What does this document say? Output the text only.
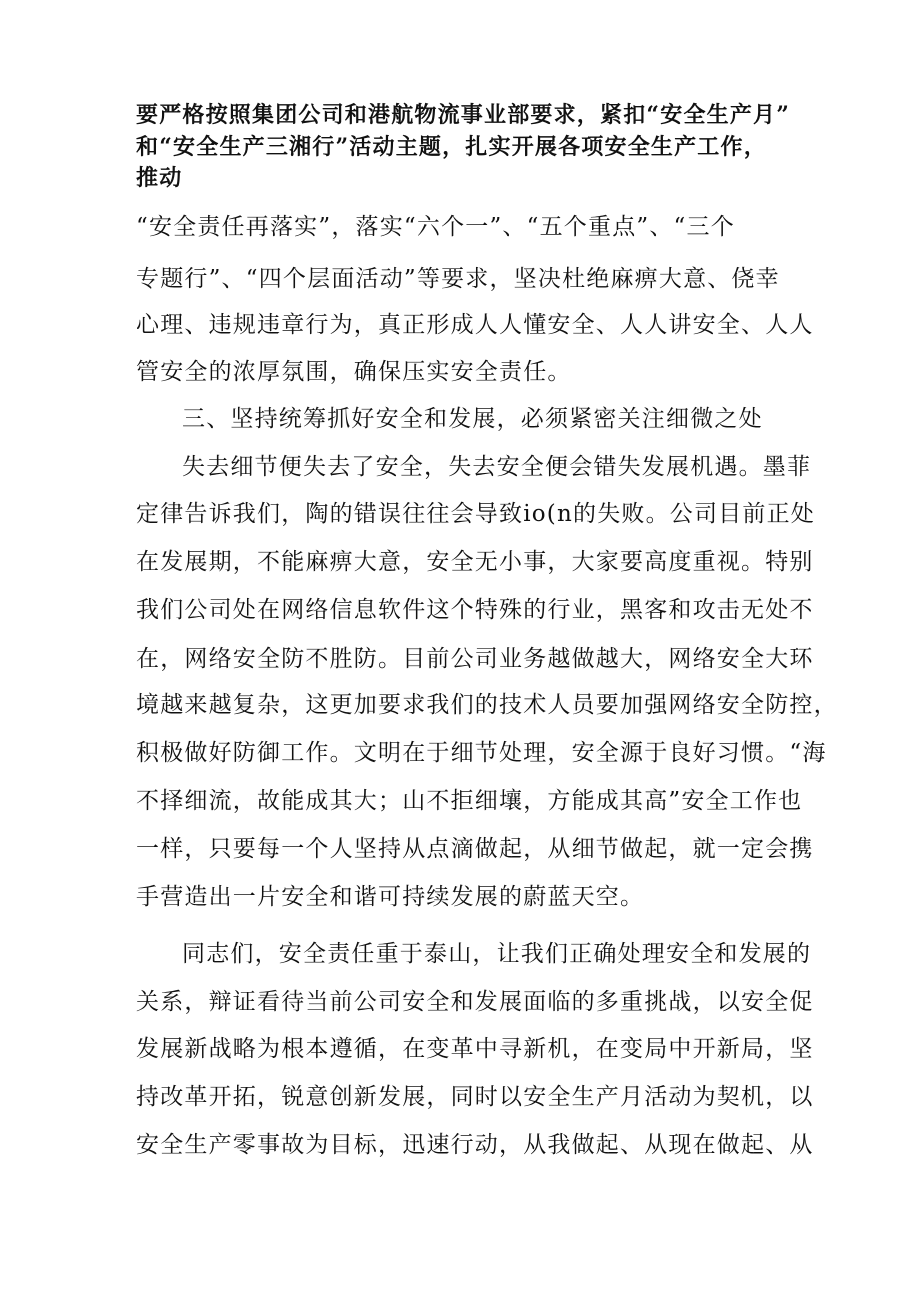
要严格按照集团公司和港航物流事业部要求，紧扣“安全生产月”
和“安全生产三湘行”活动主题，扎实开展各项安全生产工作，
推动
“安全责任再落实”，落实“六个一”、“五个重点”、“三个
专题行”、“四个层面活动”等要求，坚决杜绝麻痹大意、侥幸
心理、违规违章行为，真正形成人人懂安全、人人讲安全、人人
管安全的浓厚氛围，确保压实安全责任。
三、坚持统筹抓好安全和发展，必须紧密关注细微之处
失去细节便失去了安全，失去安全便会错失发展机遇。墨菲
定律告诉我们，陶的错误往往会导致io(n的失败。公司目前正处
在发展期，不能麻痹大意，安全无小事，大家要高度重视。特别
我们公司处在网络信息软件这个特殊的行业，黑客和攻击无处不
在，网络安全防不胜防。目前公司业务越做越大，网络安全大环
境越来越复杂，这更加要求我们的技术人员要加强网络安全防控，
积极做好防御工作。文明在于细节处理，安全源于良好习惯。“海
不择细流，故能成其大；山不拒细壤，方能成其高”安全工作也
一样，只要每一个人坚持从点滴做起，从细节做起，就一定会携
手营造出一片安全和谐可持续发展的蔚蓝天空。
同志们，安全责任重于泰山，让我们正确处理安全和发展的
关系，辩证看待当前公司安全和发展面临的多重挑战，以安全促
发展新战略为根本遵循，在变革中寻新机，在变局中开新局，坚
持改革开拓，锐意创新发展，同时以安全生产月活动为契机，以
安全生产零事故为目标，迅速行动，从我做起、从现在做起、从
